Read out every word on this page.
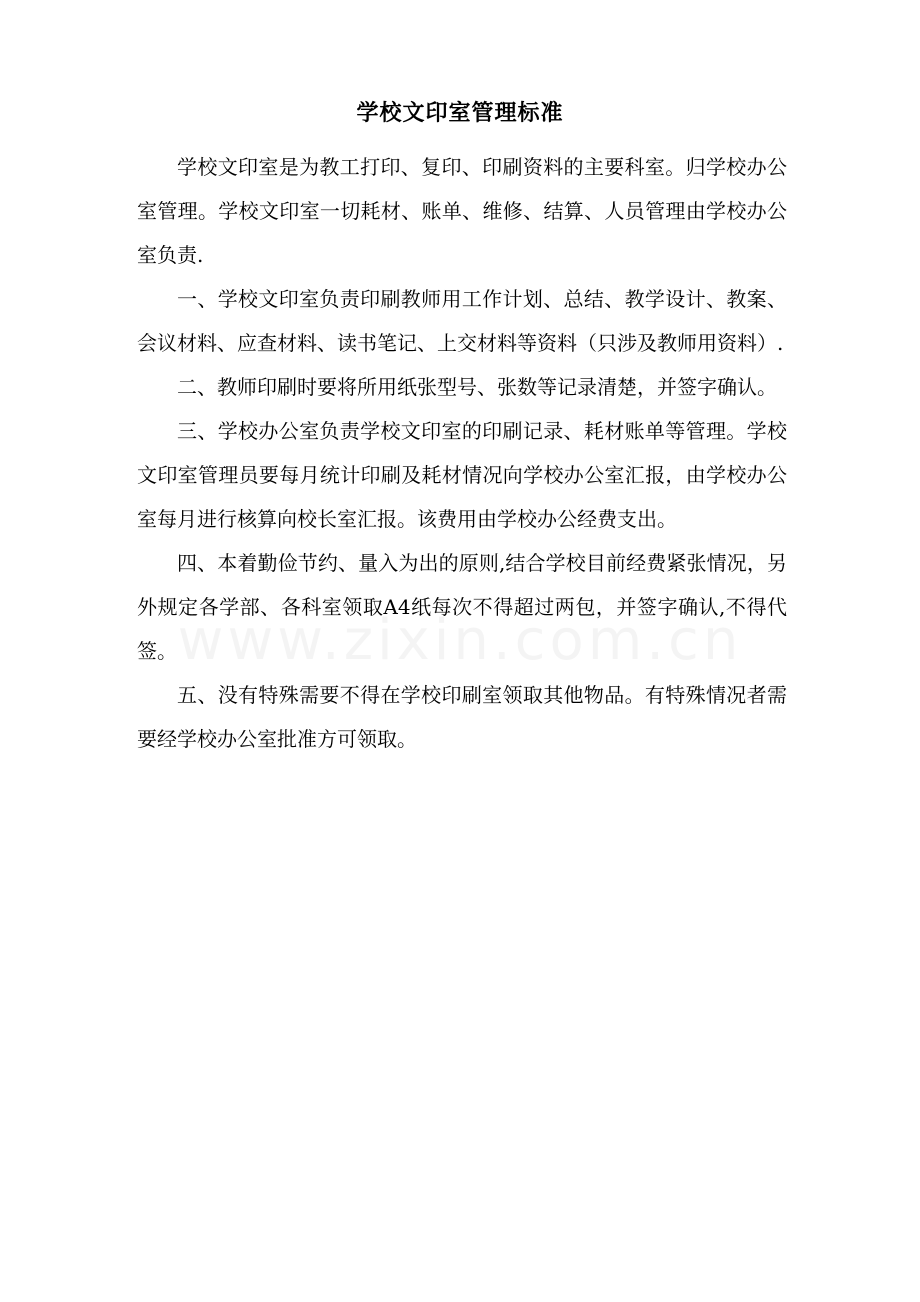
学校文印室管理标准

学校文印室是为教工打印、复印、印刷资料的主要科室。归学校办公室管理。学校文印室一切耗材、账单、维修、结算、人员管理由学校办公室负责.

一、学校文印室负责印刷教师用工作计划、总结、教学设计、教案、会议材料、应查材料、读书笔记、上交材料等资料（只涉及教师用资料）.

二、教师印刷时要将所用纸张型号、张数等记录清楚，并签字确认。

三、学校办公室负责学校文印室的印刷记录、耗材账单等管理。学校文印室管理员要每月统计印刷及耗材情况向学校办公室汇报，由学校办公室每月进行核算向校长室汇报。该费用由学校办公经费支出。

四、本着勤俭节约、量入为出的原则,结合学校目前经费紧张情况，另外规定各学部、各科室领取A4纸每次不得超过两包，并签字确认,不得代签。

五、没有特殊需要不得在学校印刷室领取其他物品。有特殊情况者需要经学校办公室批准方可领取。
